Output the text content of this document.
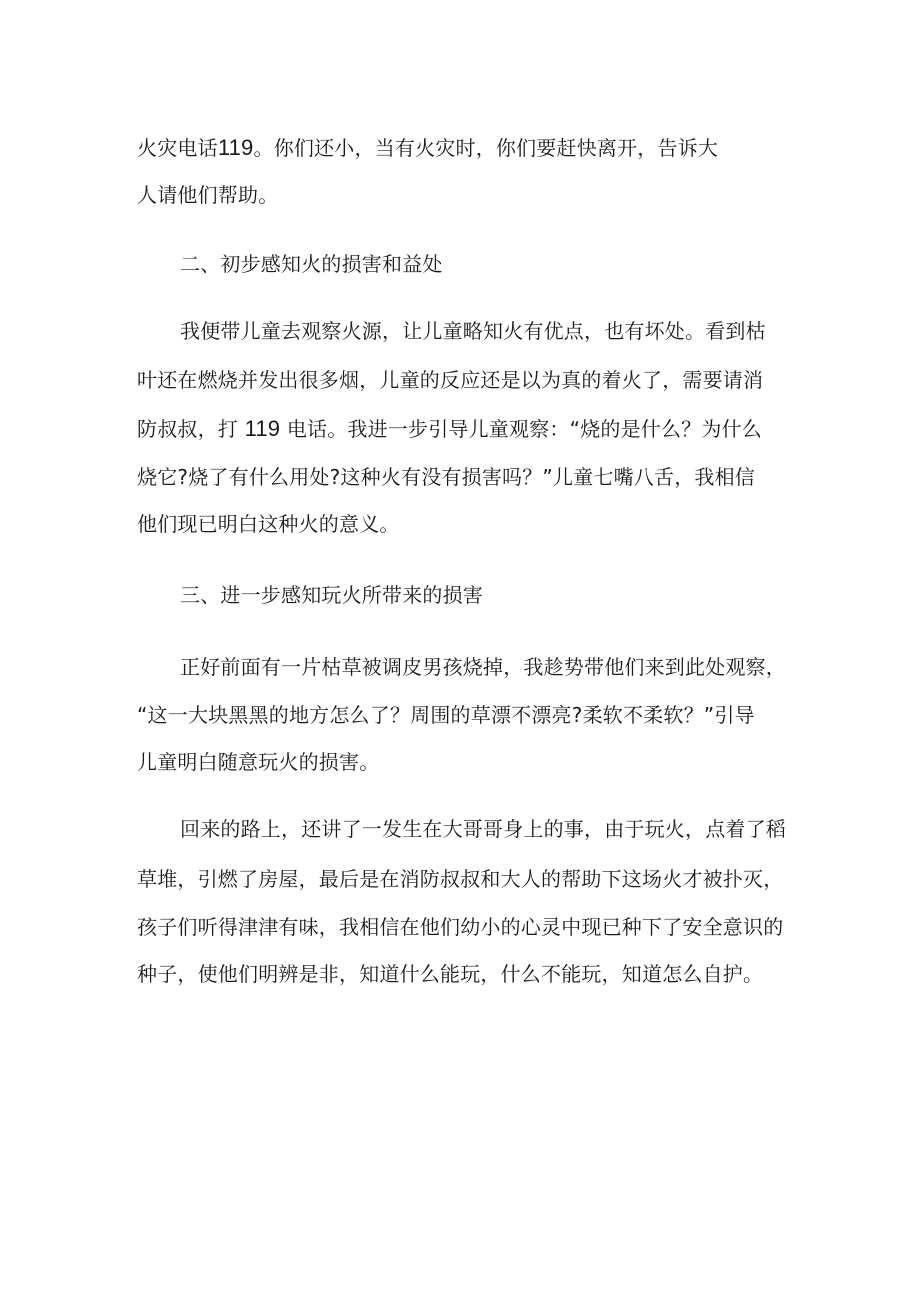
火灾电话119。你们还小，当有火灾时，你们要赶快离开，告诉大
人请他们帮助。
二、初步感知火的损害和益处
我便带儿童去观察火源，让儿童略知火有优点，也有坏处。看到枯
叶还在燃烧并发出很多烟，儿童的反应还是以为真的着火了，需要请消
防叔叔，打 119 电话。我进一步引导儿童观察：“烧的是什么？为什么
烧它?烧了有什么用处?这种火有没有损害吗？”儿童七嘴八舌，我相信
他们现已明白这种火的意义。
三、进一步感知玩火所带来的损害
正好前面有一片枯草被调皮男孩烧掉，我趁势带他们来到此处观察，
“这一大块黑黑的地方怎么了？周围的草漂不漂亮?柔软不柔软？”引导
儿童明白随意玩火的损害。
回来的路上，还讲了一发生在大哥哥身上的事，由于玩火，点着了稻
草堆，引燃了房屋，最后是在消防叔叔和大人的帮助下这场火才被扑灭，
孩子们听得津津有味，我相信在他们幼小的心灵中现已种下了安全意识的
种子，使他们明辨是非，知道什么能玩，什么不能玩，知道怎么自护。
